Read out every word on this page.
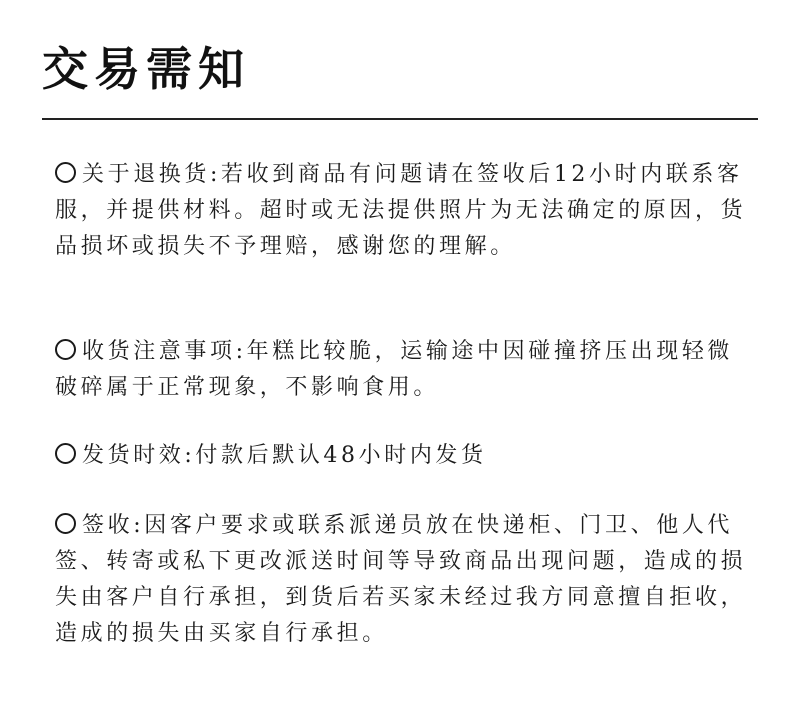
交易需知
关于退换货:若收到商品有问题请在签收后12小时内联系客服，并提供材料。超时或无法提供照片为无法确定的原因，货品损坏或损失不予理赔，感谢您的理解。
收货注意事项:年糕比较脆，运输途中因碰撞挤压出现轻微破碎属于正常现象，不影响食用。
发货时效:付款后默认48小时内发货
签收:因客户要求或联系派递员放在快递柜、门卫、他人代签、转寄或私下更改派送时间等导致商品出现问题，造成的损失由客户自行承担，到货后若买家未经过我方同意擅自拒收，造成的损失由买家自行承担。
